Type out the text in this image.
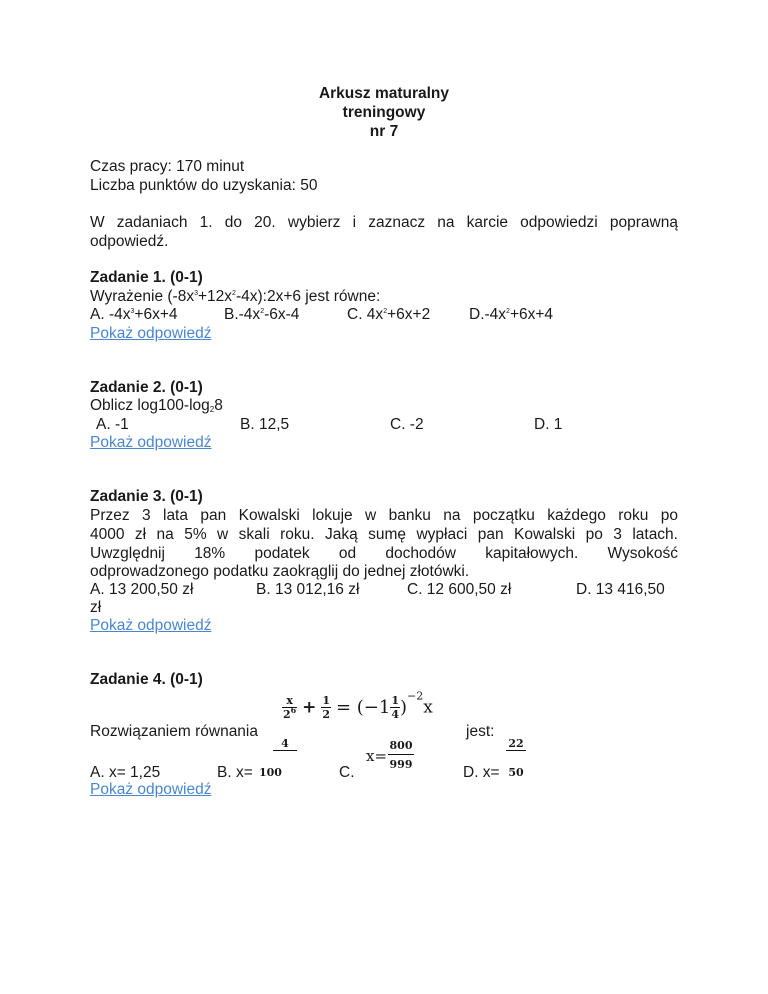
Arkusz maturalny
treningowy
nr 7
Czas pracy: 170 minut
Liczba punktów do uzyskania: 50
W zadaniach 1. do 20. wybierz i zaznacz na karcie odpowiedzi poprawną
odpowiedź.
Zadanie 1. (0-1)
Wyrażenie $(-8x^3+12x^2-4x):2x+6$ jest równe:
A. $-4x^3+6x+4$	$B.-4x^2-6x-4$	C. $4x^2+6x+2$	$D.-4x^2+6x+4$
Pokaż odpowiedź
Zadanie 2. (0-1)
Oblicz $\log 100-\log_28$
A. -1	B. 12,5	C. -2	D. 1
Pokaż odpowiedź
Zadanie 3. (0-1)
Przez 3 lata pan Kowalski lokuje w banku na początku każdego roku po
4000 zł na 5% w skali roku. Jaką sumę wypłaci pan Kowalski po 3 latach.
Uwzględnij 18% podatek od dochodów kapitałowych. Wysokość
odprowadzonego podatku zaokrąglij do jednej złotówki.
A. 13 200,50 zł	B. 13 012,16 zł	C. 12 600,50 zł	D. 13 416,50
zł
Pokaż odpowiedź
Zadanie 4. (0-1)
$\frac{x}{2^6} + \frac{1}{2} = (-1 \frac{1}{4} )^{-2}x$
Rozwiązaniem równania	jest:
A. x= 1,25	B. x=
4
100	C.
x=
800
999	D. x=
22
50
Pokaż odpowiedź
